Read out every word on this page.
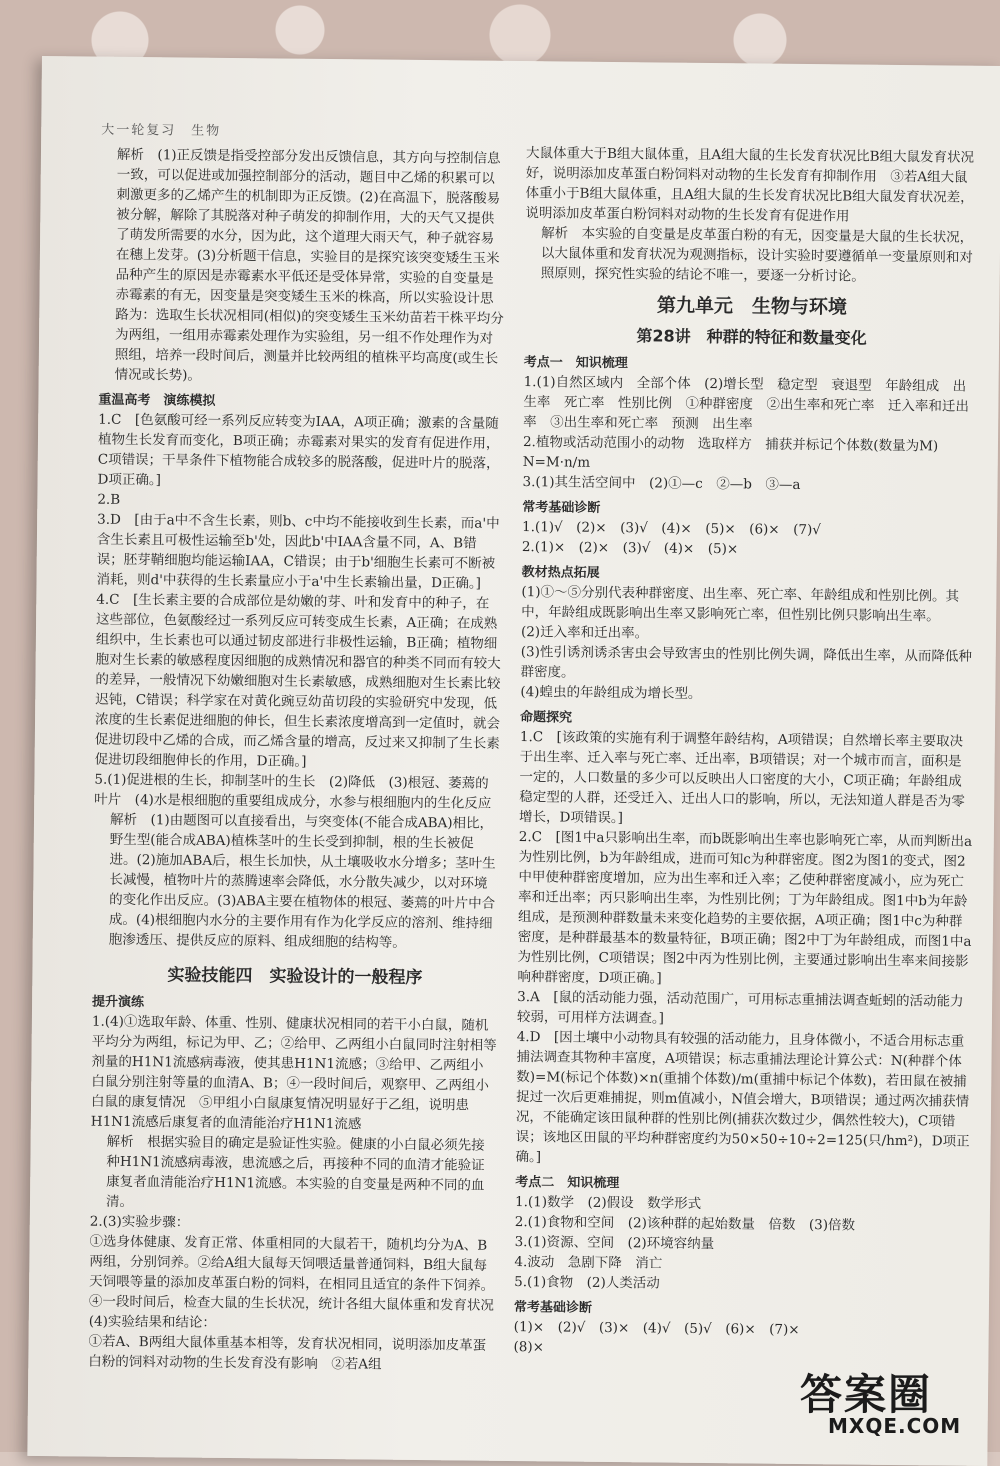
大一轮复习　生物

解析　(1)正反馈是指受控部分发出反馈信息，其方向与控制信息一致，可以促进或加强控制部分的活动，题目中乙烯的积累可以刺激更多的乙烯产生的机制即为正反馈。(2)在高温下，脱落酸易被分解，解除了其脱落对种子萌发的抑制作用，大的天气又提供了萌发所需要的水分，因为此，这个道理大雨天气，种子就容易在穗上发芽。(3)分析题干信息，实验目的是探究该突变矮生玉米品种产生的原因是赤霉素水平低还是受体异常，实验的自变量是赤霉素的有无，因变量是突变矮生玉米的株高，所以实验设计思路为：选取生长状况相同(相似)的突变矮生玉米幼苗若干株平均分为两组，一组用赤霉素处理作为实验组，另一组不作处理作为对照组，培养一段时间后，测量并比较两组的植株平均高度(或生长情况或长势)。

重温高考　演练模拟

1.C　[色氨酸可经一系列反应转变为IAA，A项正确；激素的含量随植物生长发育而变化，B项正确；赤霉素对果实的发育有促进作用，C项错误；干旱条件下植物能合成较多的脱落酸，促进叶片的脱落，D项正确。]

2.B

3.D　[由于a中不含生长素，则b、c中均不能接收到生长素，而a'中含生长素且可极性运输至b'处，因此b'中IAA含量不同，A、B错误；胚芽鞘细胞均能运输IAA，C错误；由于b'细胞生长素可不断被消耗，则d'中获得的生长素量应小于a'中生长素输出量，D正确。]

4.C　[生长素主要的合成部位是幼嫩的芽、叶和发育中的种子，在这些部位，色氨酸经过一系列反应可转变成生长素，A正确；在成熟组织中，生长素也可以通过韧皮部进行非极性运输，B正确；植物细胞对生长素的敏感程度因细胞的成熟情况和器官的种类不同而有较大的差异，一般情况下幼嫩细胞对生长素敏感，成熟细胞对生长素比较迟钝，C错误；科学家在对黄化豌豆幼苗切段的实验研究中发现，低浓度的生长素促进细胞的伸长，但生长素浓度增高到一定值时，就会促进切段中乙烯的合成，而乙烯含量的增高，反过来又抑制了生长素促进切段细胞伸长的作用，D正确。]

5.(1)促进根的生长，抑制茎叶的生长　(2)降低　(3)根冠、萎蔫的叶片　(4)水是根细胞的重要组成成分，水参与根细胞内的生化反应

解析　(1)由题图可以直接看出，与突变体(不能合成ABA)相比，野生型(能合成ABA)植株茎叶的生长受到抑制，根的生长被促进。(2)施加ABA后，根生长加快，从土壤吸收水分增多；茎叶生长减慢，植物叶片的蒸腾速率会降低，水分散失减少，以对环境的变化作出反应。(3)ABA主要在植物体的根冠、萎蔫的叶片中合成。(4)根细胞内水分的主要作用有作为化学反应的溶剂、维持细胞渗透压、提供反应的原料、组成细胞的结构等。

实验技能四　实验设计的一般程序

提升演练

1.(4)①选取年龄、体重、性别、健康状况相同的若干小白鼠，随机平均分为两组，标记为甲、乙；②给甲、乙两组小白鼠同时注射相等剂量的H1N1流感病毒液，使其患H1N1流感；③给甲、乙两组小白鼠分别注射等量的血清A、B；④一段时间后，观察甲、乙两组小白鼠的康复情况　⑤甲组小白鼠康复情况明显好于乙组，说明患H1N1流感后康复者的血清能治疗H1N1流感

解析　根据实验目的确定是验证性实验。健康的小白鼠必须先接种H1N1流感病毒液，患流感之后，再接种不同的血清才能验证康复者血清能治疗H1N1流感。本实验的自变量是两种不同的血清。

2.(3)实验步骤：

①选身体健康、发育正常、体重相同的大鼠若干，随机均分为A、B两组，分别饲养。②给A组大鼠每天饲喂适量普通饲料，B组大鼠每天饲喂等量的添加皮革蛋白粉的饲料，在相同且适宜的条件下饲养。④一段时间后，检查大鼠的生长状况，统计各组大鼠体重和发育状况

(4)实验结果和结论：

①若A、B两组大鼠体重基本相等，发育状况相同，说明添加皮革蛋白粉的饲料对动物的生长发育没有影响　②若A组

大鼠体重大于B组大鼠体重，且A组大鼠的生长发育状况比B组大鼠发育状况好，说明添加皮革蛋白粉饲料对动物的生长发育有抑制作用　③若A组大鼠体重小于B组大鼠体重，且A组大鼠的生长发育状况比B组大鼠发育状况差，说明添加皮革蛋白粉饲料对动物的生长发育有促进作用

解析　本实验的自变量是皮革蛋白粉的有无，因变量是大鼠的生长状况，以大鼠体重和发育状况为观测指标，设计实验时要遵循单一变量原则和对照原则，探究性实验的结论不唯一，要逐一分析讨论。

第九单元　生物与环境

第28讲　种群的特征和数量变化

考点一　知识梳理

1.(1)自然区域内　全部个体　(2)增长型　稳定型　衰退型　年龄组成　出生率　死亡率　性别比例　①种群密度　②出生率和死亡率　迁入率和迁出率　③出生率和死亡率　预测　出生率

2.植物或活动范围小的动物　选取样方　捕获并标记个体数(数量为M)　N=M·n/m

3.(1)其生活空间中　(2)①—c　②—b　③—a

常考基础诊断

1.(1)√　(2)×　(3)√　(4)×　(5)×　(6)×　(7)√

2.(1)×　(2)×　(3)√　(4)×　(5)×

教材热点拓展

(1)①～⑤分别代表种群密度、出生率、死亡率、年龄组成和性别比例。其中，年龄组成既影响出生率又影响死亡率，但性别比例只影响出生率。

(2)迁入率和迁出率。

(3)性引诱剂诱杀害虫会导致害虫的性别比例失调，降低出生率，从而降低种群密度。

(4)蝗虫的年龄组成为增长型。

命题探究

1.C　[该政策的实施有利于调整年龄结构，A项错误；自然增长率主要取决于出生率、迁入率与死亡率、迁出率，B项错误；对一个城市而言，面积是一定的，人口数量的多少可以反映出人口密度的大小，C项正确；年龄组成稳定型的人群，还受迁入、迁出人口的影响，所以，无法知道人群是否为零增长，D项错误。]

2.C　[图1中a只影响出生率，而b既影响出生率也影响死亡率，从而判断出a为性别比例，b为年龄组成，进而可知c为种群密度。图2为图1的变式，图2中甲使种群密度增加，应为出生率和迁入率；乙使种群密度减小，应为死亡率和迁出率；丙只影响出生率，为性别比例；丁为年龄组成。图1中b为年龄组成，是预测种群数量未来变化趋势的主要依据，A项正确；图1中c为种群密度，是种群最基本的数量特征，B项正确；图2中丁为年龄组成，而图1中a为性别比例，C项错误；图2中丙为性别比例，主要通过影响出生率来间接影响种群密度，D项正确。]

3.A　[鼠的活动能力强，活动范围广，可用标志重捕法调查蚯蚓的活动能力较弱，可用样方法调查。]

4.D　[因土壤中小动物具有较强的活动能力，且身体微小，不适合用标志重捕法调查其物种丰富度，A项错误；标志重捕法理论计算公式：N(种群个体数)=M(标记个体数)×n(重捕个体数)/m(重捕中标记个体数)，若田鼠在被捕捉过一次后更难捕捉，则m值减小，N值会增大，B项错误；通过两次捕获情况，不能确定该田鼠种群的性别比例(捕获次数过少，偶然性较大)，C项错误；该地区田鼠的平均种群密度约为50×50÷10÷2=125(只/hm²)，D项正确。]

考点二　知识梳理

1.(1)数学　(2)假设　数学形式

2.(1)食物和空间　(2)该种群的起始数量　倍数　(3)倍数

3.(1)资源、空间　(2)环境容纳量

4.波动　急剧下降　消亡

5.(1)食物　(2)人类活动

常考基础诊断

(1)×　(2)√　(3)×　(4)√　(5)√　(6)×　(7)×

(8)×

答案圈
MXQE.COM
